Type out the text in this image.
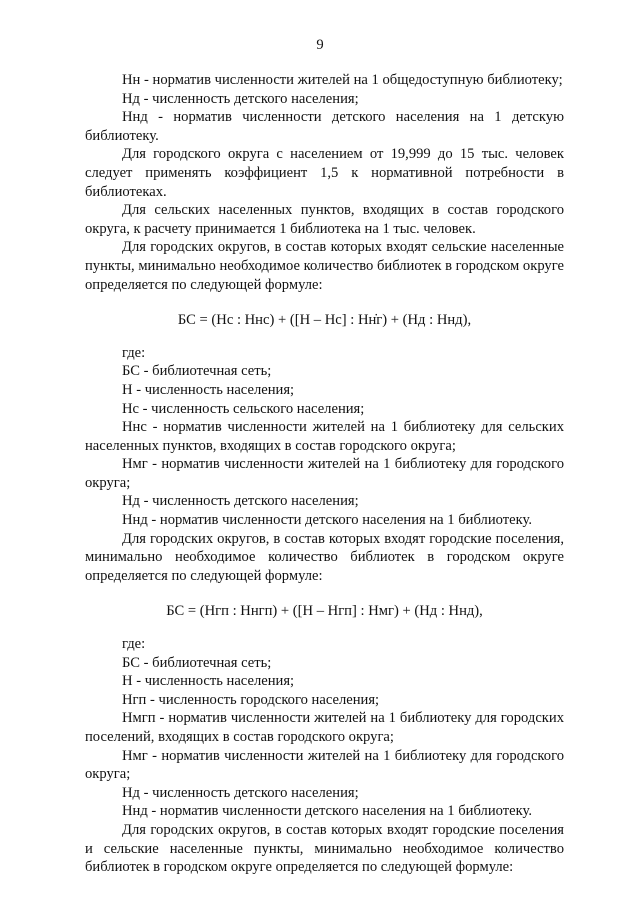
9

Нн - норматив численности жителей на 1 общедоступную библиотеку;

Нд - численность детского населения;

Ннд - норматив численности детского населения на 1 детскую библиотеку.

Для городского округа с населением от 19,999 до 15 тыс. человек следует применять коэффициент 1,5 к нормативной потребности в библиотеках.

Для сельских населенных пунктов, входящих в состав городского округа, к расчету принимается 1 библиотека на 1 тыс. человек.

Для городских округов, в состав которых входят сельские населенные пункты, минимально необходимое количество библиотек в городском округе определяется по следующей формуле:

БС = (Нс : Ннс) + ([Н – Нс] : Нн̇г) + (Нд : Ннд),

где:

БС - библиотечная сеть;

Н - численность населения;

Нс - численность сельского населения;

Ннс - норматив численности жителей на 1 библиотеку для сельских населенных пунктов, входящих в состав городского округа;

Нмг - норматив численности жителей на 1 библиотеку для городского округа;

Нд - численность детского населения;

Ннд - норматив численности детского населения на 1 библиотеку.

Для городских округов, в состав которых входят городские поселения, минимально необходимое количество библиотек в городском округе определяется по следующей формуле:

БС = (Нгп : Ннгп) + ([Н – Нгп] : Нмг) + (Нд : Ннд),

где:

БС - библиотечная сеть;

Н - численность населения;

Нгп - численность городского населения;

Нмгп - норматив численности жителей на 1 библиотеку для городских поселений, входящих в состав городского округа;

Нмг - норматив численности жителей на 1 библиотеку для городского округа;

Нд - численность детского населения;

Ннд - норматив численности детского населения на 1 библиотеку.

Для городских округов, в состав которых входят городские поселения и сельские населенные пункты, минимально необходимое количество библиотек в городском округе определяется по следующей формуле:
